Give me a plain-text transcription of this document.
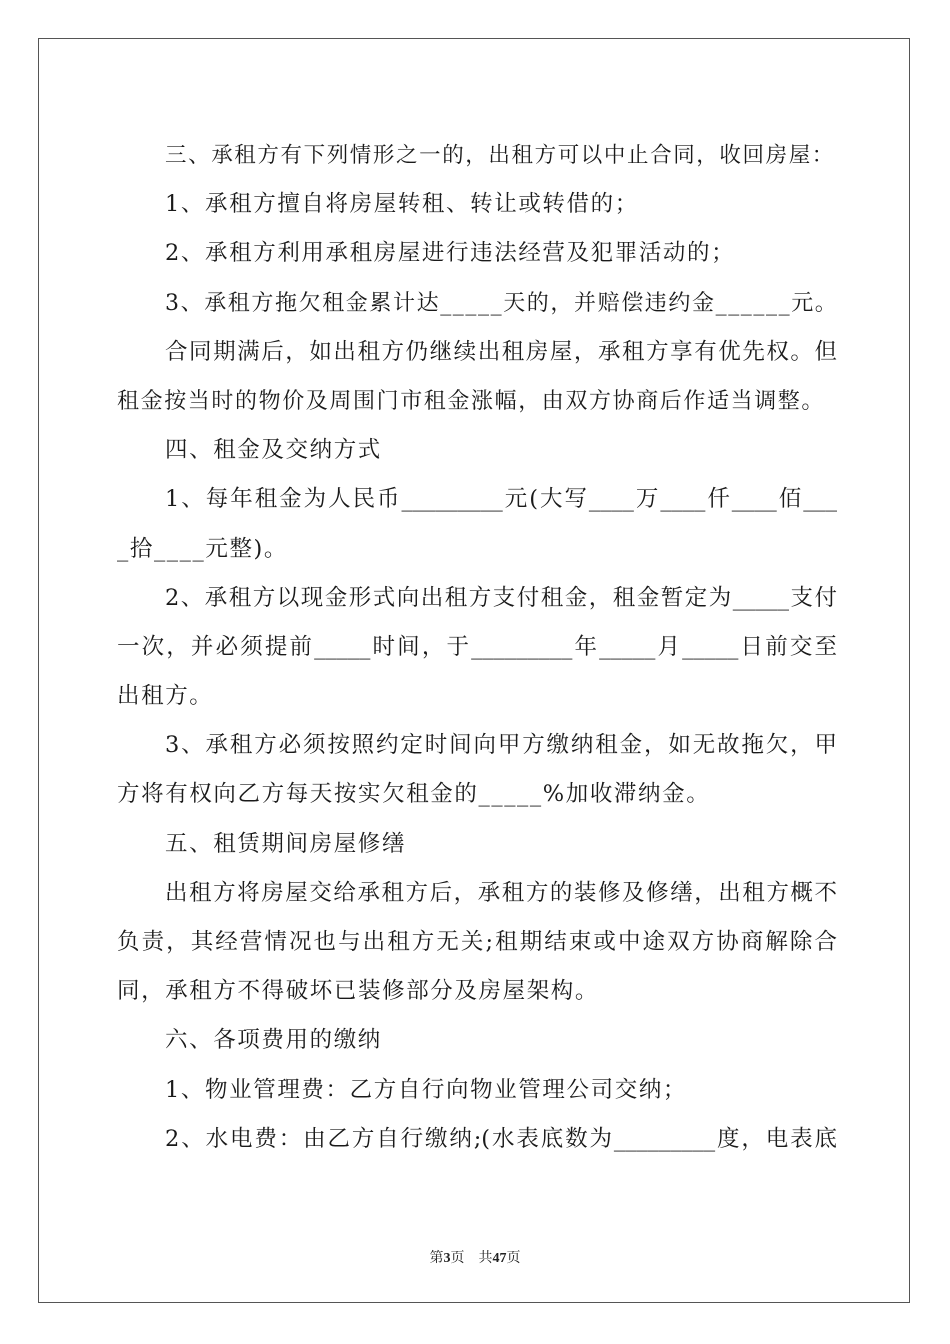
三、承租方有下列情形之一的，出租方可以中止合同，收回房屋：
1、承租方擅自将房屋转租、转让或转借的；
2、承租方利用承租房屋进行违法经营及犯罪活动的；
3、承租方拖欠租金累计达_____天的，并赔偿违约金______元。
合同期满后，如出租方仍继续出租房屋，承租方享有优先权。但
租金按当时的物价及周围门市租金涨幅，由双方协商后作适当调整。
四、租金及交纳方式
1、每年租金为人民币_________元(大写____万____仟____佰___
_拾____元整)。
2、承租方以现金形式向出租方支付租金，租金暂定为_____支付
一次，并必须提前_____时间，于_________年_____月_____日前交至
出租方。
3、承租方必须按照约定时间向甲方缴纳租金，如无故拖欠，甲
方将有权向乙方每天按实欠租金的_____%加收滞纳金。
五、租赁期间房屋修缮
出租方将房屋交给承租方后，承租方的装修及修缮，出租方概不
负责，其经营情况也与出租方无关;租期结束或中途双方协商解除合
同，承租方不得破坏已装修部分及房屋架构。
六、各项费用的缴纳
1、物业管理费：乙方自行向物业管理公司交纳；
2、水电费：由乙方自行缴纳;(水表底数为_________度，电表底
第3页 共47页
